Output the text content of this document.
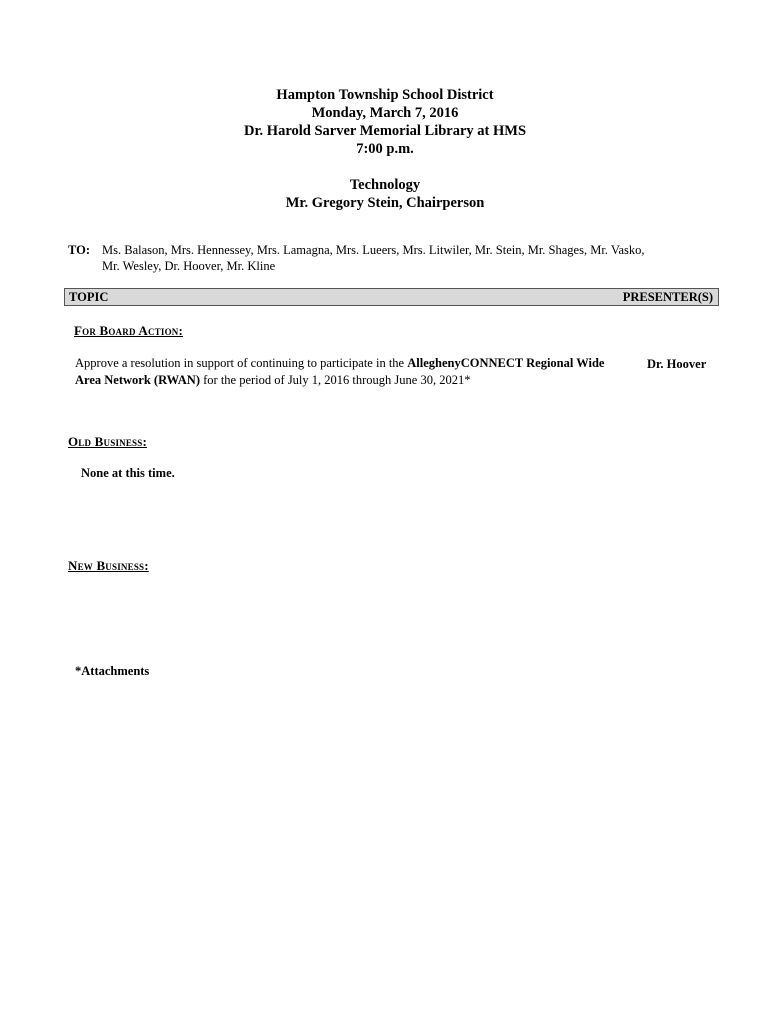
Hampton Township School District
Monday, March 7, 2016
Dr. Harold Sarver Memorial Library at HMS
7:00 p.m.
Technology
Mr. Gregory Stein, Chairperson
TO: Ms. Balason, Mrs. Hennessey, Mrs. Lamagna, Mrs. Lueers, Mrs. Litwiler, Mr. Stein, Mr. Shages, Mr. Vasko,
Mr. Wesley, Dr. Hoover, Mr. Kline
TOPIC	PRESENTER(S)
For Board Action:
Approve a resolution in support of continuing to participate in the AlleghenyCONNECT Regional Wide Area Network (RWAN) for the period of July 1, 2016 through June 30, 2021*
Dr. Hoover
Old Business:
None at this time.
New Business:
*Attachments
